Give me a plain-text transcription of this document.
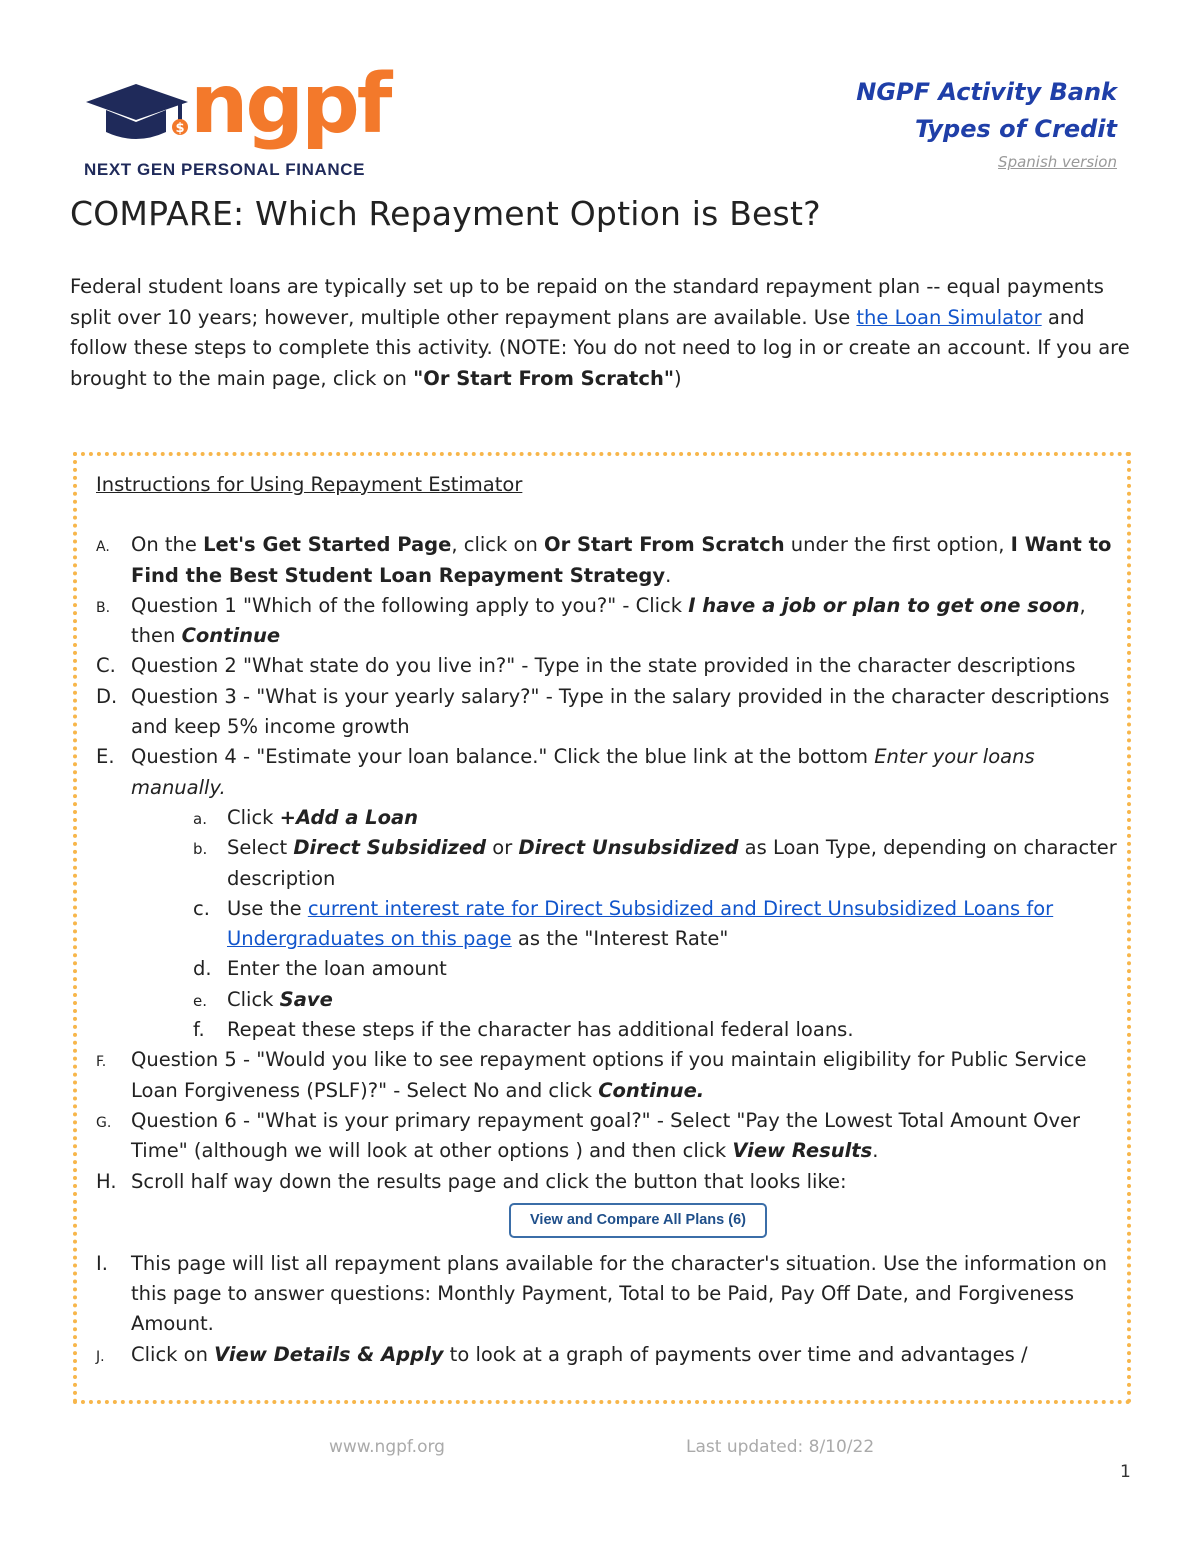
$ ngpf
NEXT GEN PERSONAL FINANCE
NGPF Activity Bank
Types of Credit
Spanish version
COMPARE: Which Repayment Option is Best?

Federal student loans are typically set up to be repaid on the standard repayment plan -- equal payments split over 10 years; however, multiple other repayment plans are available. Use the Loan Simulator and follow these steps to complete this activity. (NOTE: You do not need to log in or create an account. If you are brought to the main page, click on "Or Start From Scratch")

Instructions for Using Repayment Estimator
A. On the Let's Get Started Page, click on Or Start From Scratch under the first option, I Want to Find the Best Student Loan Repayment Strategy.
B. Question 1 "Which of the following apply to you?" - Click I have a job or plan to get one soon, then Continue
C. Question 2 "What state do you live in?" - Type in the state provided in the character descriptions
D. Question 3 - "What is your yearly salary?" - Type in the salary provided in the character descriptions and keep 5% income growth
E. Question 4 - "Estimate your loan balance." Click the blue link at the bottom Enter your loans manually.
a. Click +Add a Loan
b. Select Direct Subsidized or Direct Unsubsidized as Loan Type, depending on character description
c. Use the current interest rate for Direct Subsidized and Direct Unsubsidized Loans for Undergraduates on this page as the "Interest Rate"
d. Enter the loan amount
e. Click Save
f. Repeat these steps if the character has additional federal loans.
F. Question 5 - "Would you like to see repayment options if you maintain eligibility for Public Service Loan Forgiveness (PSLF)?" - Select No and click Continue.
G. Question 6 - "What is your primary repayment goal?" - Select "Pay the Lowest Total Amount Over Time" (although we will look at other options ) and then click View Results.
H. Scroll half way down the results page and click the button that looks like:
View and Compare All Plans (6)
I. This page will list all repayment plans available for the character's situation. Use the information on this page to answer questions: Monthly Payment, Total to be Paid, Pay Off Date, and Forgiveness Amount.
J. Click on View Details & Apply to look at a graph of payments over time and advantages /
www.ngpf.org	Last updated: 8/10/22
1
